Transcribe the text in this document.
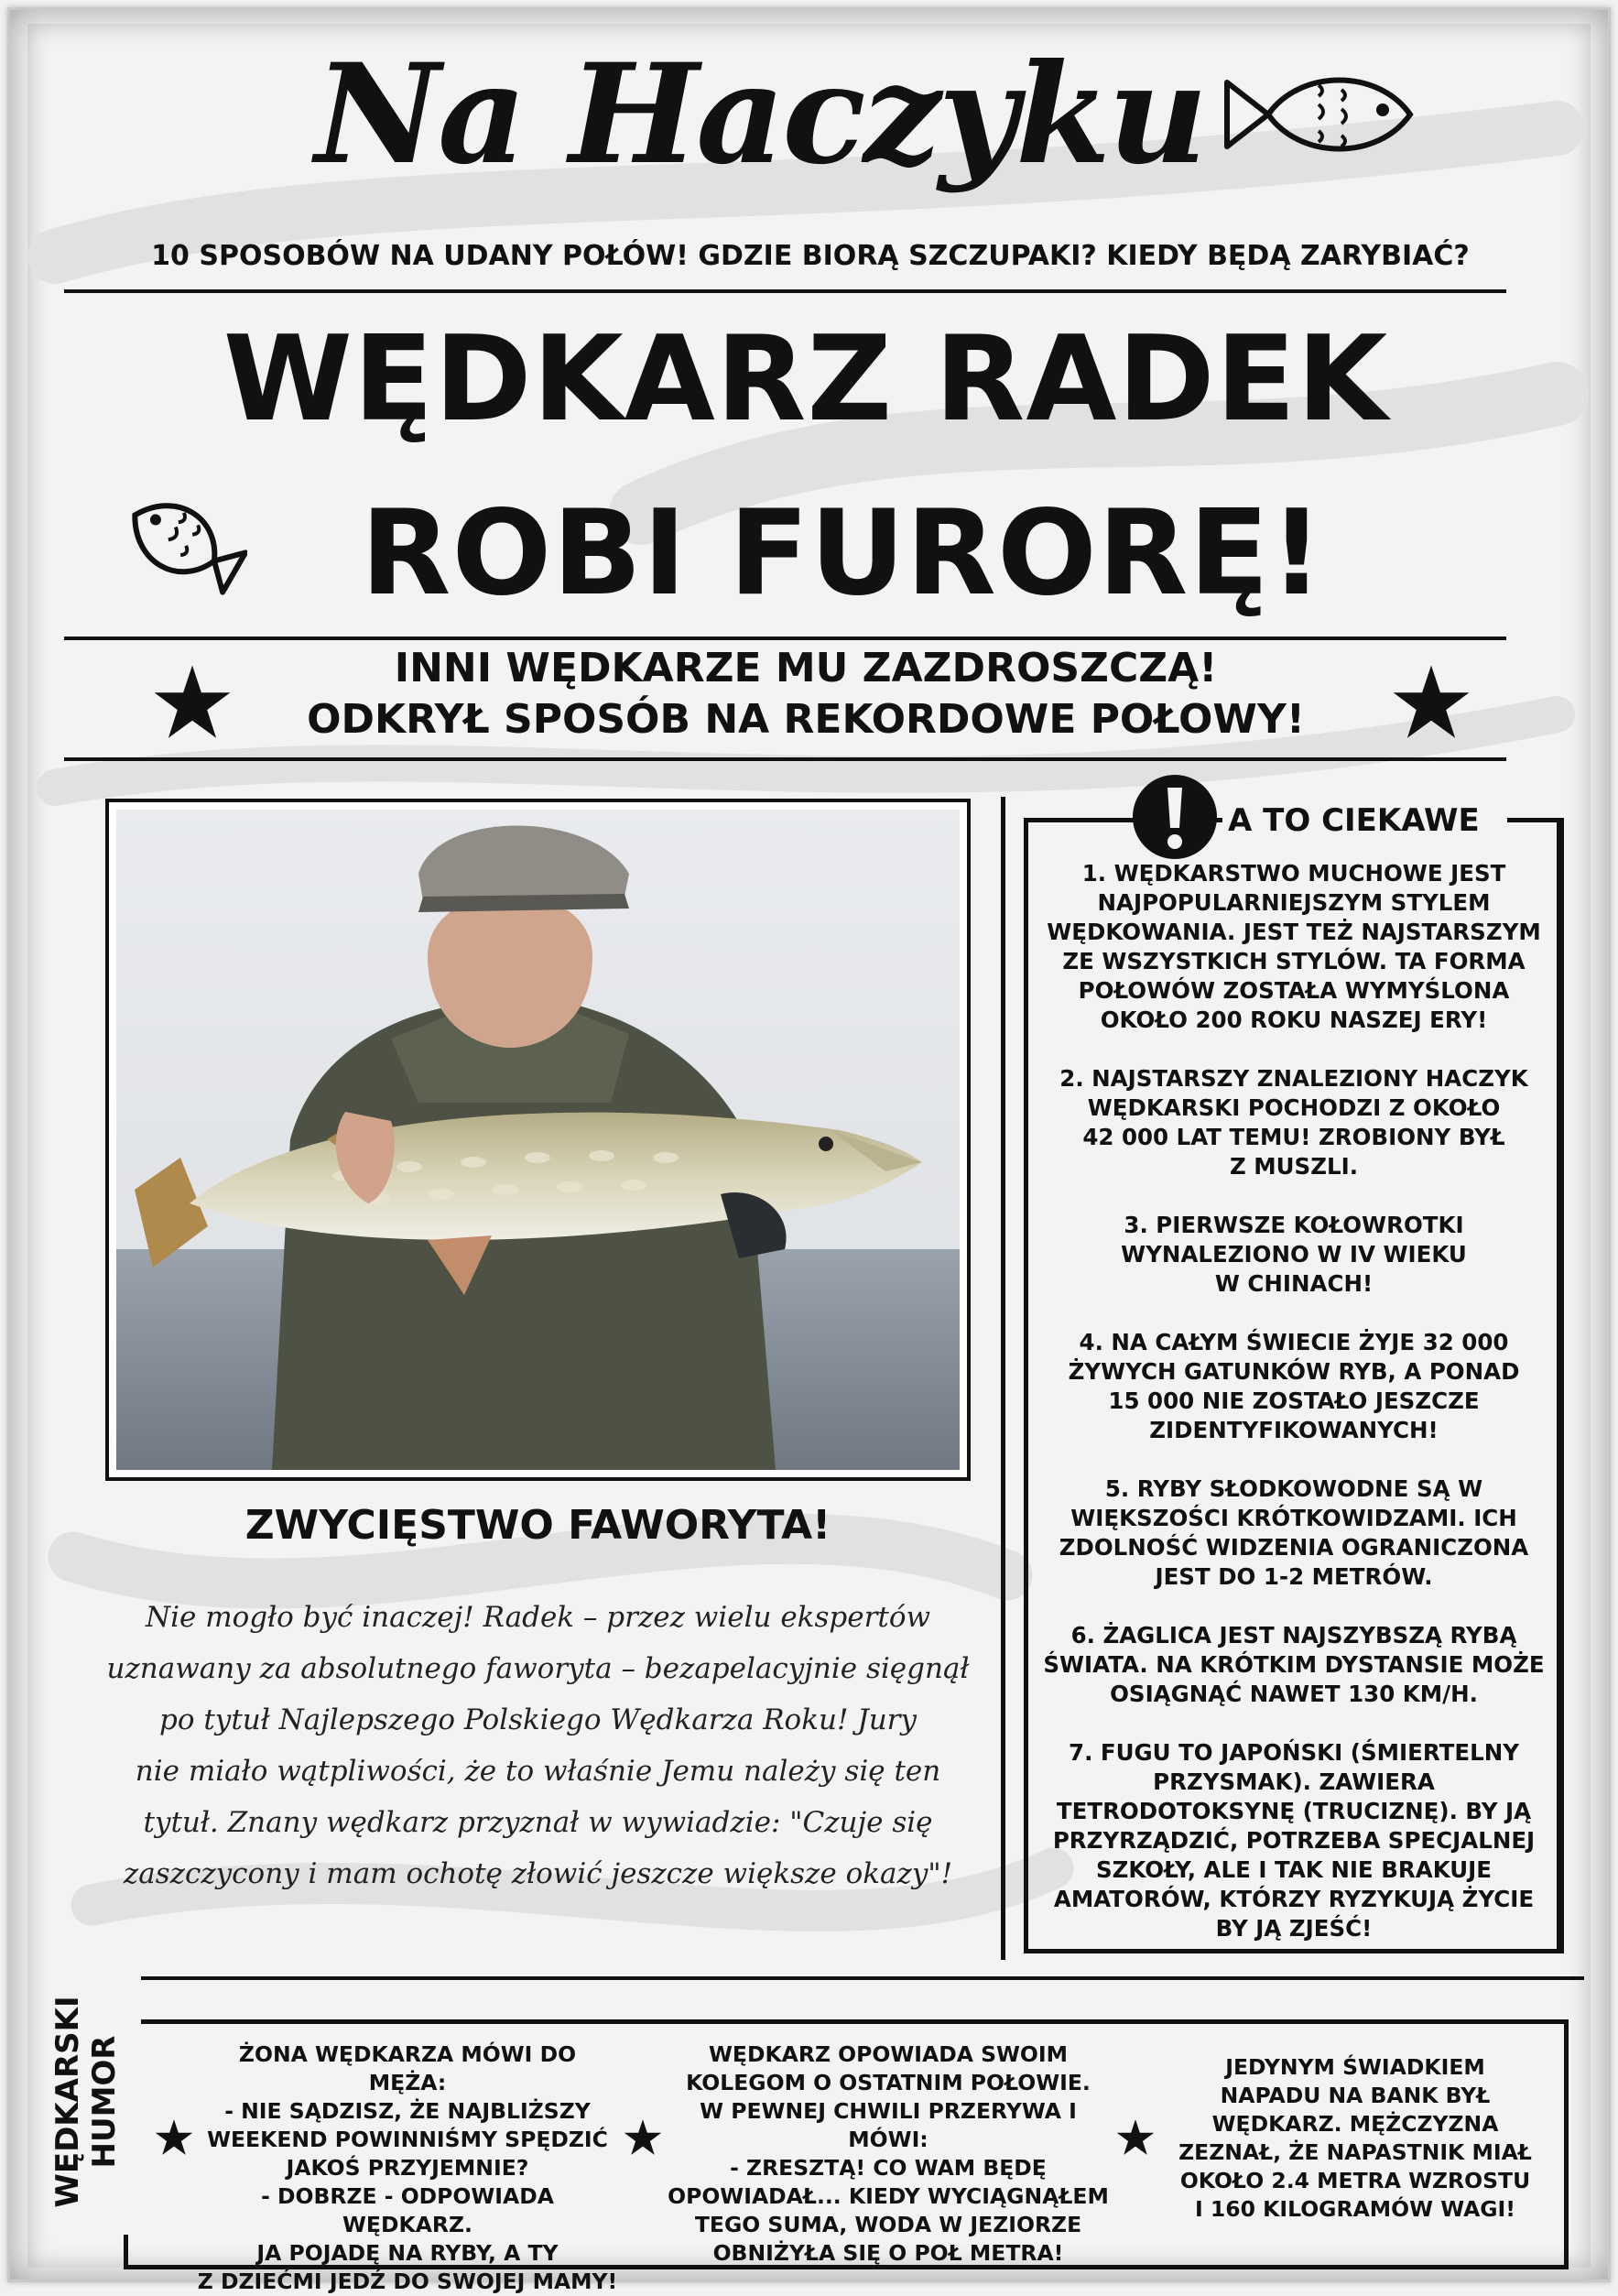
Na Haczyku
10 SPOSOBÓW NA UDANY POŁÓW! GDZIE BIORĄ SZCZUPAKI? KIEDY BĘDĄ ZARYBIAĆ?
WĘDKARZ RADEK
ROBI FURORĘ!
INNI WĘDKARZE MU ZAZDROSZCZĄ!
ODKRYŁ SPOSÓB NA REKORDOWE POŁOWY!
ZWYCIĘSTWO FAWORYTA!
Nie mogło być inaczej! Radek – przez wielu ekspertów
uznawany za absolutnego faworyta – bezapelacyjnie sięgnął
po tytuł Najlepszego Polskiego Wędkarza Roku! Jury
nie miało wątpliwości, że to właśnie Jemu należy się ten
tytuł. Znany wędkarz przyznał w wywiadzie: "Czuje się
zaszczycony i mam ochotę złowić jeszcze większe okazy"!
A TO CIEKAWE
1. WĘDKARSTWO MUCHOWE JEST
NAJPOPULARNIEJSZYM STYLEM
WĘDKOWANIA. JEST TEŻ NAJSTARSZYM
ZE WSZYSTKICH STYLÓW. TA FORMA
POŁOWÓW ZOSTAŁA WYMYŚLONA
OKOŁO 200 ROKU NASZEJ ERY!
2. NAJSTARSZY ZNALEZIONY HACZYK
WĘDKARSKI POCHODZI Z OKOŁO
42 000 LAT TEMU! ZROBIONY BYŁ
Z MUSZLI.
3. PIERWSZE KOŁOWROTKI
WYNALEZIONO W IV WIEKU
W CHINACH!
4. NA CAŁYM ŚWIECIE ŻYJE 32 000
ŻYWYCH GATUNKÓW RYB, A PONAD
15 000 NIE ZOSTAŁO JESZCZE
ZIDENTYFIKOWANYCH!
5. RYBY SŁODKOWODNE SĄ W
WIĘKSZOŚCI KRÓTKOWIDZAMI. ICH
ZDOLNOŚĆ WIDZENIA OGRANICZONA
JEST DO 1-2 METRÓW.
6. ŻAGLICA JEST NAJSZYBSZĄ RYBĄ
ŚWIATA. NA KRÓTKIM DYSTANSIE MOŻE
OSIĄGNĄĆ NAWET 130 KM/H.
7. FUGU TO JAPOŃSKI (ŚMIERTELNY
PRZYSMAK). ZAWIERA
TETRODOTOKSYNĘ (TRUCIZNĘ). BY JĄ
PRZYRZĄDZIĆ, POTRZEBA SPECJALNEJ
SZKOŁY, ALE I TAK NIE BRAKUJE
AMATORÓW, KTÓRZY RYZYKUJĄ ŻYCIE
BY JĄ ZJEŚĆ!
WĘDKARSKI HUMOR	ŻONA WĘDKARZA MÓWI DO MĘŻA:
- NIE SĄDZISZ, ŻE NAJBLIŻSZY
WEEKEND POWINNIŚMY SPĘDZIĆ
JAKOŚ PRZYJEMNIE?
- DOBRZE - ODPOWIADA WĘDKARZ.
JA POJADĘ NA RYBY, A TY
Z DZIEĆMI JEDŹ DO SWOJEJ MAMY!
WĘDKARZ OPOWIADA SWOIM
KOLEGOM O OSTATNIM POŁOWIE.
W PEWNEJ CHWILI PRZERYWA I MÓWI:
- ZRESZTĄ! CO WAM BĘDĘ
OPOWIADAŁ... KIEDY WYCIĄGNĄŁEM
TEGO SUMA, WODA W JEZIORZE
OBNIŻYŁA SIĘ O POŁ METRA!
JEDYNYM ŚWIADKIEM
NAPADU NA BANK BYŁ
WĘDKARZ. MĘŻCZYZNA
ZEZNAŁ, ŻE NAPASTNIK MIAŁ
OKOŁO 2.4 METRA WZROSTU
I 160 KILOGRAMÓW WAGI!
